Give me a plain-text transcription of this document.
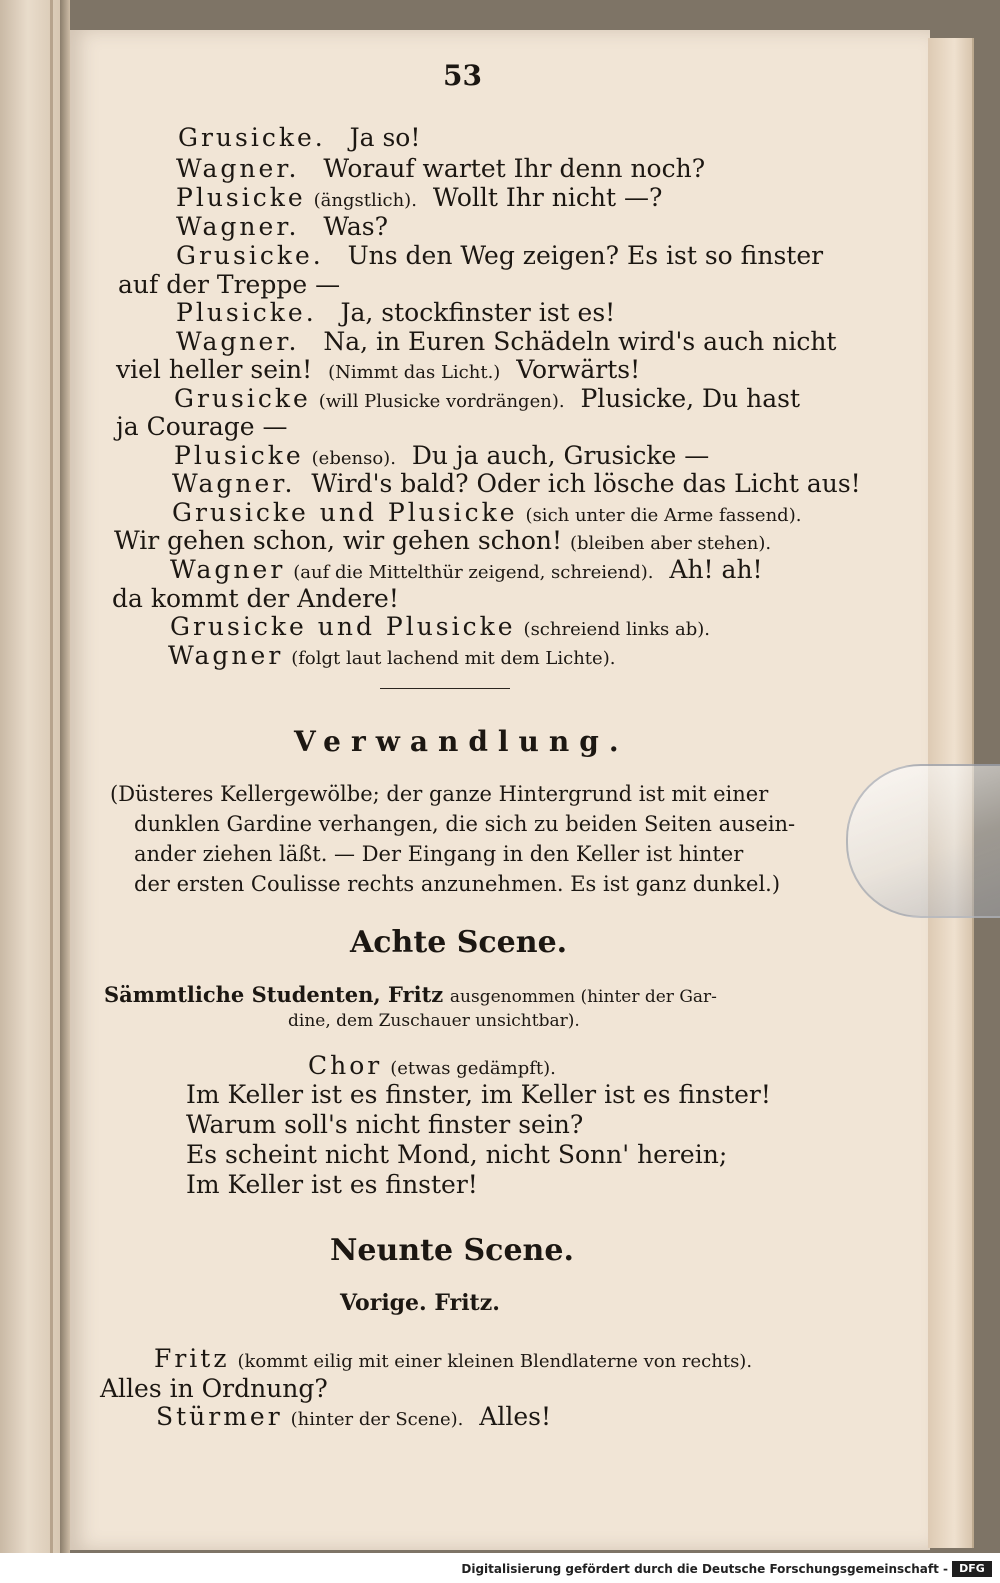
53
Grusicke. Ja so!
Wagner. Worauf wartet Ihr denn noch?
Plusicke (ängstlich). Wollt Ihr nicht —?
Wagner. Was?
Grusicke. Uns den Weg zeigen? Es ist so finster
auf der Treppe —
Plusicke. Ja, stockfinster ist es!
Wagner. Na, in Euren Schädeln wird's auch nicht
viel heller sein! (Nimmt das Licht.) Vorwärts!
Grusicke (will Plusicke vordrängen). Plusicke, Du hast
ja Courage —
Plusicke (ebenso). Du ja auch, Grusicke —
Wagner. Wird's bald? Oder ich lösche das Licht aus!
Grusicke und Plusicke (sich unter die Arme fassend).
Wir gehen schon, wir gehen schon! (bleiben aber stehen).
Wagner (auf die Mittelthür zeigend, schreiend). Ah! ah!
da kommt der Andere!
Grusicke und Plusicke (schreiend links ab).
Wagner (folgt laut lachend mit dem Lichte).
Verwandlung.
(Düsteres Kellergewölbe; der ganze Hintergrund ist mit einer
dunklen Gardine verhangen, die sich zu beiden Seiten ausein-
ander ziehen läßt. — Der Eingang in den Keller ist hinter
der ersten Coulisse rechts anzunehmen. Es ist ganz dunkel.)
Achte Scene.
Sämmtliche Studenten, Fritz ausgenommen (hinter der Gar-
dine, dem Zuschauer unsichtbar).
Chor (etwas gedämpft).
Im Keller ist es finster, im Keller ist es finster!
Warum soll's nicht finster sein?
Es scheint nicht Mond, nicht Sonn' herein;
Im Keller ist es finster!
Neunte Scene.
Vorige. Fritz.
Fritz (kommt eilig mit einer kleinen Blendlaterne von rechts).
Alles in Ordnung?
Stürmer (hinter der Scene). Alles!
Digitalisierung gefördert durch die Deutsche Forschungsgemeinschaft -	DFG
